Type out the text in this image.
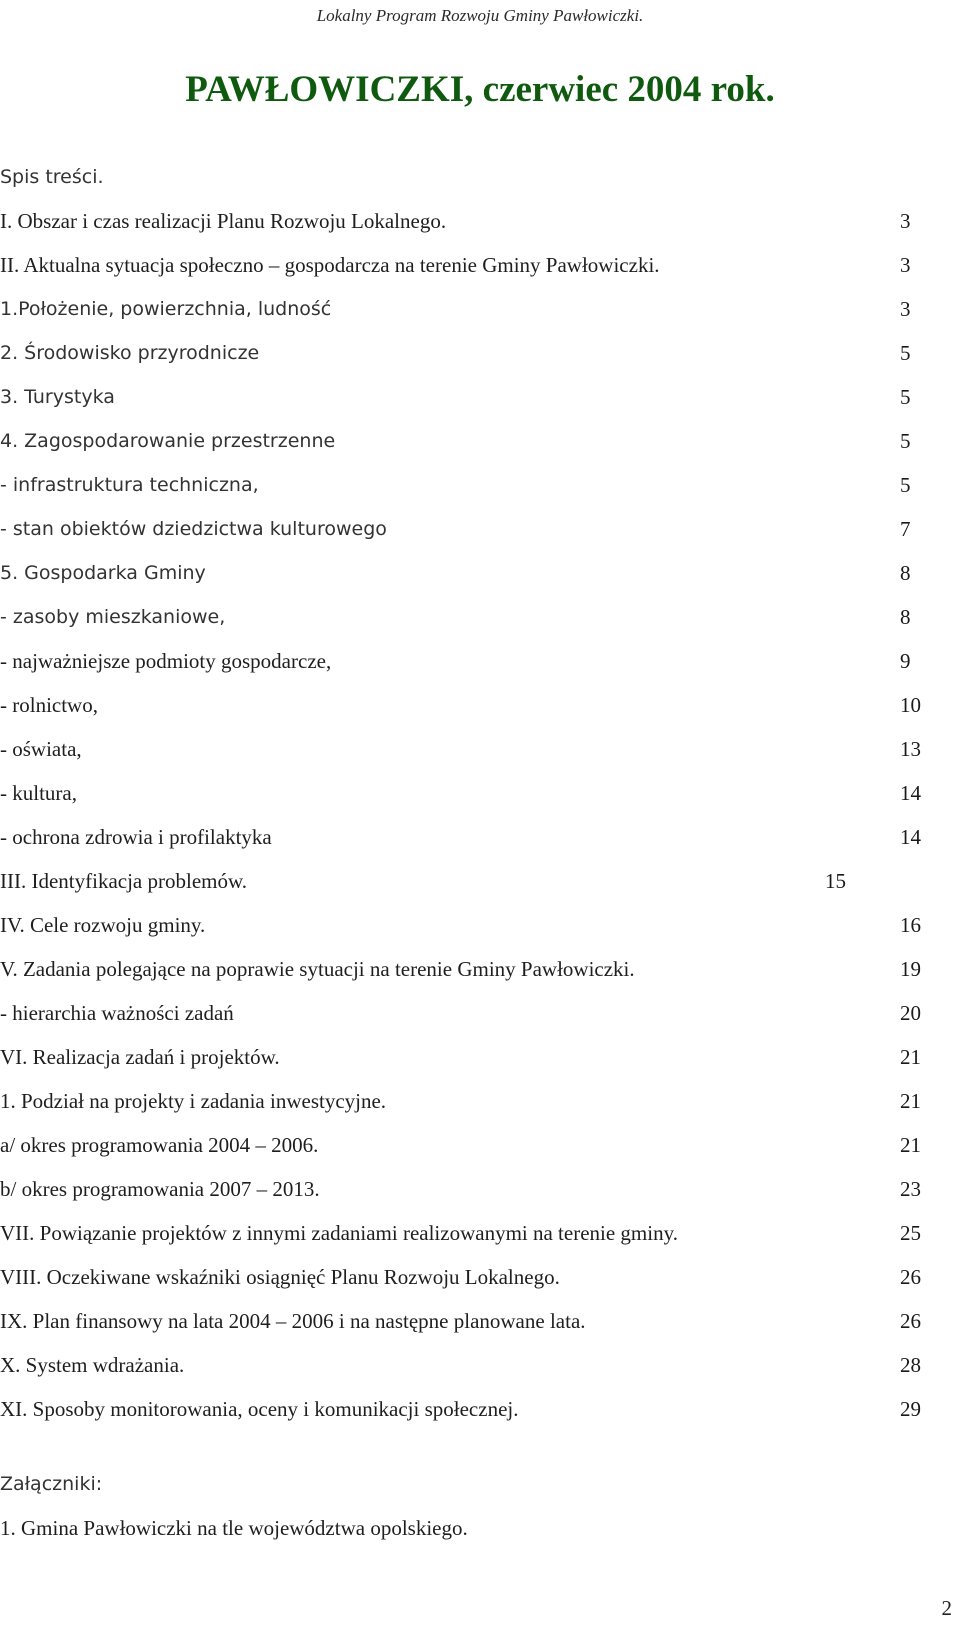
Lokalny Program Rozwoju Gminy Pawłowiczki.
PAWŁOWICZKI, czerwiec 2004 rok.
Spis treści.
I. Obszar i czas realizacji Planu Rozwoju Lokalnego.	3
II. Aktualna sytuacja społeczno – gospodarcza na terenie Gminy Pawłowiczki.	3
1.Położenie, powierzchnia, ludność	3
2. Środowisko przyrodnicze	5
3. Turystyka	5
4. Zagospodarowanie przestrzenne	5
- infrastruktura techniczna,	5
- stan obiektów dziedzictwa kulturowego	7
5. Gospodarka Gminy	8
- zasoby mieszkaniowe,	8
- najważniejsze podmioty gospodarcze,	9
- rolnictwo,	10
- oświata,	13
- kultura,	14
- ochrona zdrowia i profilaktyka	14
III. Identyfikacja problemów.	15
IV. Cele rozwoju gminy.	16
V. Zadania polegające na poprawie sytuacji na terenie Gminy Pawłowiczki.	19
- hierarchia ważności zadań	20
VI. Realizacja zadań i projektów.	21
1. Podział na projekty i zadania inwestycyjne.	21
a/ okres programowania 2004 – 2006.	21
b/ okres programowania 2007 – 2013.	23
VII. Powiązanie projektów z innymi zadaniami realizowanymi na terenie gminy.	25
VIII. Oczekiwane wskaźniki osiągnięć Planu Rozwoju Lokalnego.	26
IX. Plan finansowy na lata 2004 – 2006 i na następne planowane lata.	26
X. System wdrażania.	28
XI. Sposoby monitorowania, oceny i komunikacji społecznej.	29
Załączniki:
1. Gmina Pawłowiczki na tle województwa opolskiego.
2
